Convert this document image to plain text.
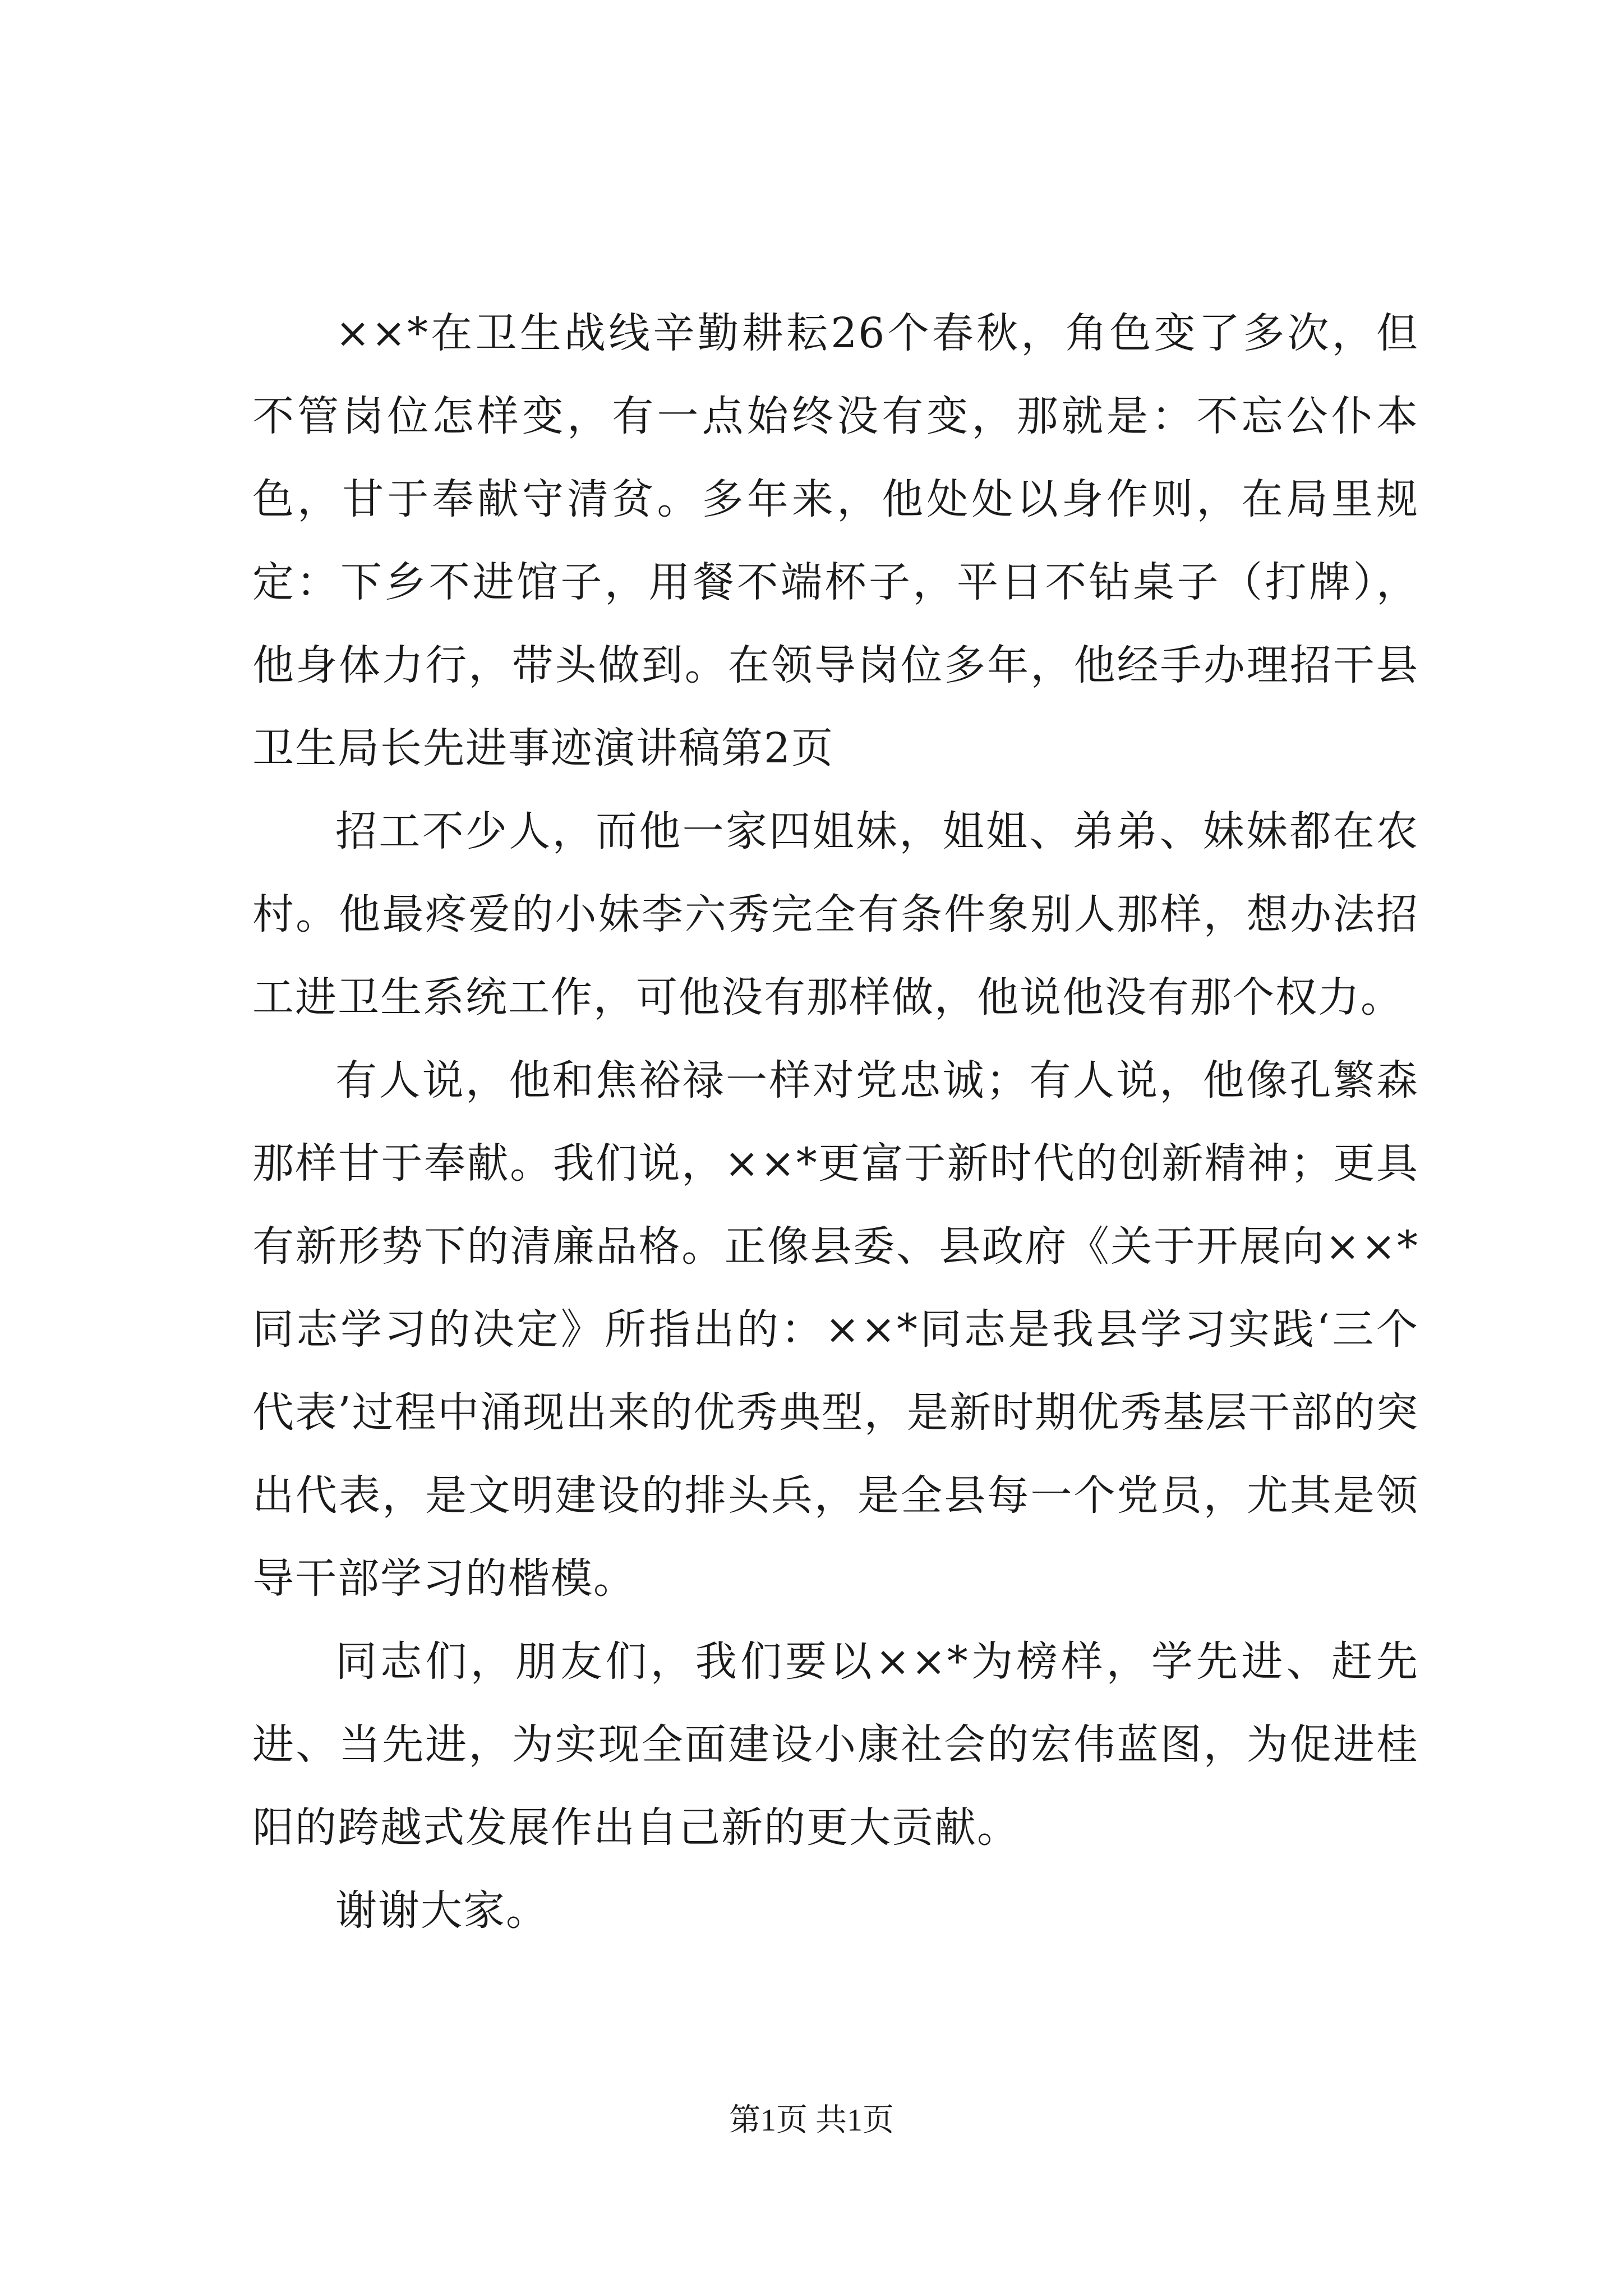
××*在卫生战线辛勤耕耘26个春秋，角色变了多次，但不管岗位怎样变，有一点始终没有变，那就是：不忘公仆本色，甘于奉献守清贫。多年来，他处处以身作则，在局里规定：下乡不进馆子，用餐不端杯子，平日不钻桌子（打牌），他身体力行，带头做到。在领导岗位多年，他经手办理招干县卫生局长先进事迹演讲稿第2页

招工不少人，而他一家四姐妹，姐姐、弟弟、妹妹都在农村。他最疼爱的小妹李六秀完全有条件象别人那样，想办法招工进卫生系统工作，可他没有那样做，他说他没有那个权力。

有人说，他和焦裕禄一样对党忠诚；有人说，他像孔繁森那样甘于奉献。我们说，××*更富于新时代的创新精神；更具有新形势下的清廉品格。正像县委、县政府《关于开展向××*同志学习的决定》所指出的：××*同志是我县学习实践‘三个代表’过程中涌现出来的优秀典型，是新时期优秀基层干部的突出代表，是文明建设的排头兵，是全县每一个党员，尤其是领导干部学习的楷模。

同志们，朋友们，我们要以××*为榜样，学先进、赶先进、当先进，为实现全面建设小康社会的宏伟蓝图，为促进桂阳的跨越式发展作出自己新的更大贡献。

谢谢大家。

第1页 共1页
